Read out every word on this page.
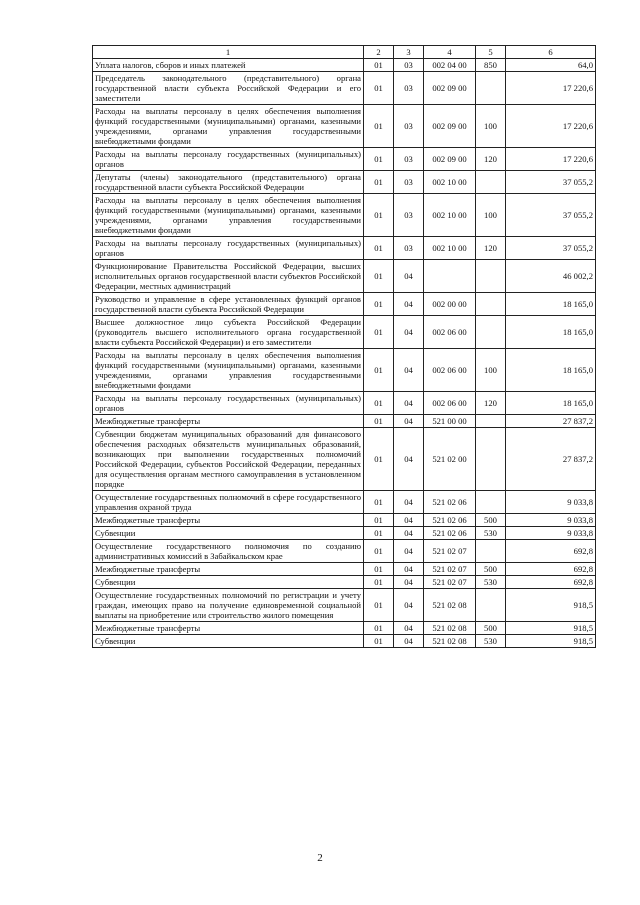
1	2	3	4	5	6
Уплата налогов, сборов и иных платежей	01	03	002 04 00	850	64,0
Председатель законодательного (представительного) органа государственной власти субъекта Российской Федерации и его заместители	01	03	002 09 00		17 220,6
Расходы на выплаты персоналу в целях обеспечения выполнения функций государственными (муниципальными) органами, казенными учреждениями, органами управления государственными внебюджетными фондами	01	03	002 09 00	100	17 220,6
Расходы на выплаты персоналу государственных (муниципальных) органов	01	03	002 09 00	120	17 220,6
Депутаты (члены) законодательного (представительного) органа государственной власти субъекта Российской Федерации	01	03	002 10 00		37 055,2
Расходы на выплаты персоналу в целях обеспечения выполнения функций государственными (муниципальными) органами, казенными учреждениями, органами управления государственными внебюджетными фондами	01	03	002 10 00	100	37 055,2
Расходы на выплаты персоналу государственных (муниципальных) органов	01	03	002 10 00	120	37 055,2
Функционирование Правительства Российской Федерации, высших исполнительных органов государственной власти субъектов Российской Федерации, местных администраций	01	04			46 002,2
Руководство и управление в сфере установленных функций органов государственной власти субъекта Российской Федерации	01	04	002 00 00		18 165,0
Высшее должностное лицо субъекта Российской Федерации (руководитель высшего исполнительного органа государственной власти субъекта Российской Федерации) и его заместители	01	04	002 06 00		18 165,0
Расходы на выплаты персоналу в целях обеспечения выполнения функций государственными (муниципальными) органами, казенными учреждениями, органами управления государственными внебюджетными фондами	01	04	002 06 00	100	18 165,0
Расходы на выплаты персоналу государственных (муниципальных) органов	01	04	002 06 00	120	18 165,0
Межбюджетные трансферты	01	04	521 00 00		27 837,2
Субвенции бюджетам муниципальных образований для финансового обеспечения расходных обязательств муниципальных образований, возникающих при выполнении государственных полномочий Российской Федерации, субъектов Российской Федерации, переданных для осуществления органам местного самоуправления в установленном порядке	01	04	521 02 00		27 837,2
Осуществление государственных полномочий в сфере государственного управления охраной труда	01	04	521 02 06		9 033,8
Межбюджетные трансферты	01	04	521 02 06	500	9 033,8
Субвенции	01	04	521 02 06	530	9 033,8
Осуществление государственного полномочия по созданию административных комиссий в Забайкальском крае	01	04	521 02 07		692,8
Межбюджетные трансферты	01	04	521 02 07	500	692,8
Субвенции	01	04	521 02 07	530	692,8
Осуществление государственных полномочий по регистрации и учету граждан, имеющих право на получение единовременной социальной выплаты на приобретение или строительство жилого помещения	01	04	521 02 08		918,5
Межбюджетные трансферты	01	04	521 02 08	500	918,5
Субвенции	01	04	521 02 08	530	918,5
2
